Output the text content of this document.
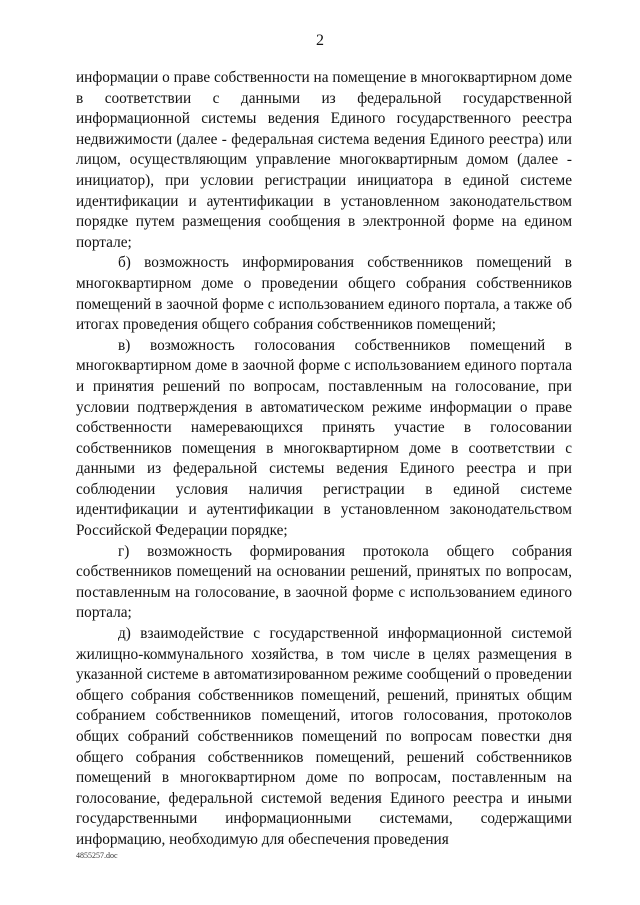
2

информации о праве собственности на помещение в многоквартирном доме в соответствии с данными из федеральной государственной информационной системы ведения Единого государственного реестра недвижимости (далее - федеральная система ведения Единого реестра) или лицом, осуществляющим управление многоквартирным домом (далее - инициатор), при условии регистрации инициатора в единой системе идентификации и аутентификации в установленном законодательством порядке путем размещения сообщения в электронной форме на едином портале;

б) возможность информирования собственников помещений в многоквартирном доме о проведении общего собрания собственников помещений в заочной форме с использованием единого портала, а также об итогах проведения общего собрания собственников помещений;

в) возможность голосования собственников помещений в многоквартирном доме в заочной форме с использованием единого портала и принятия решений по вопросам, поставленным на голосование, при условии подтверждения в автоматическом режиме информации о праве собственности намеревающихся принять участие в голосовании собственников помещения в многоквартирном доме в соответствии с данными из федеральной системы ведения Единого реестра и при соблюдении условия наличия регистрации в единой системе идентификации и аутентификации в установленном законодательством Российской Федерации порядке;

г) возможность формирования протокола общего собрания собственников помещений на основании решений, принятых по вопросам, поставленным на голосование, в заочной форме с использованием единого портала;

д) взаимодействие с государственной информационной системой жилищно-коммунального хозяйства, в том числе в целях размещения в указанной системе в автоматизированном режиме сообщений о проведении общего собрания собственников помещений, решений, принятых общим собранием собственников помещений, итогов голосования, протоколов общих собраний собственников помещений по вопросам повестки дня общего собрания собственников помещений, решений собственников помещений в многоквартирном доме по вопросам, поставленным на голосование, федеральной системой ведения Единого реестра и иными государственными информационными системами, содержащими информацию, необходимую для обеспечения проведения

4855257.doc
